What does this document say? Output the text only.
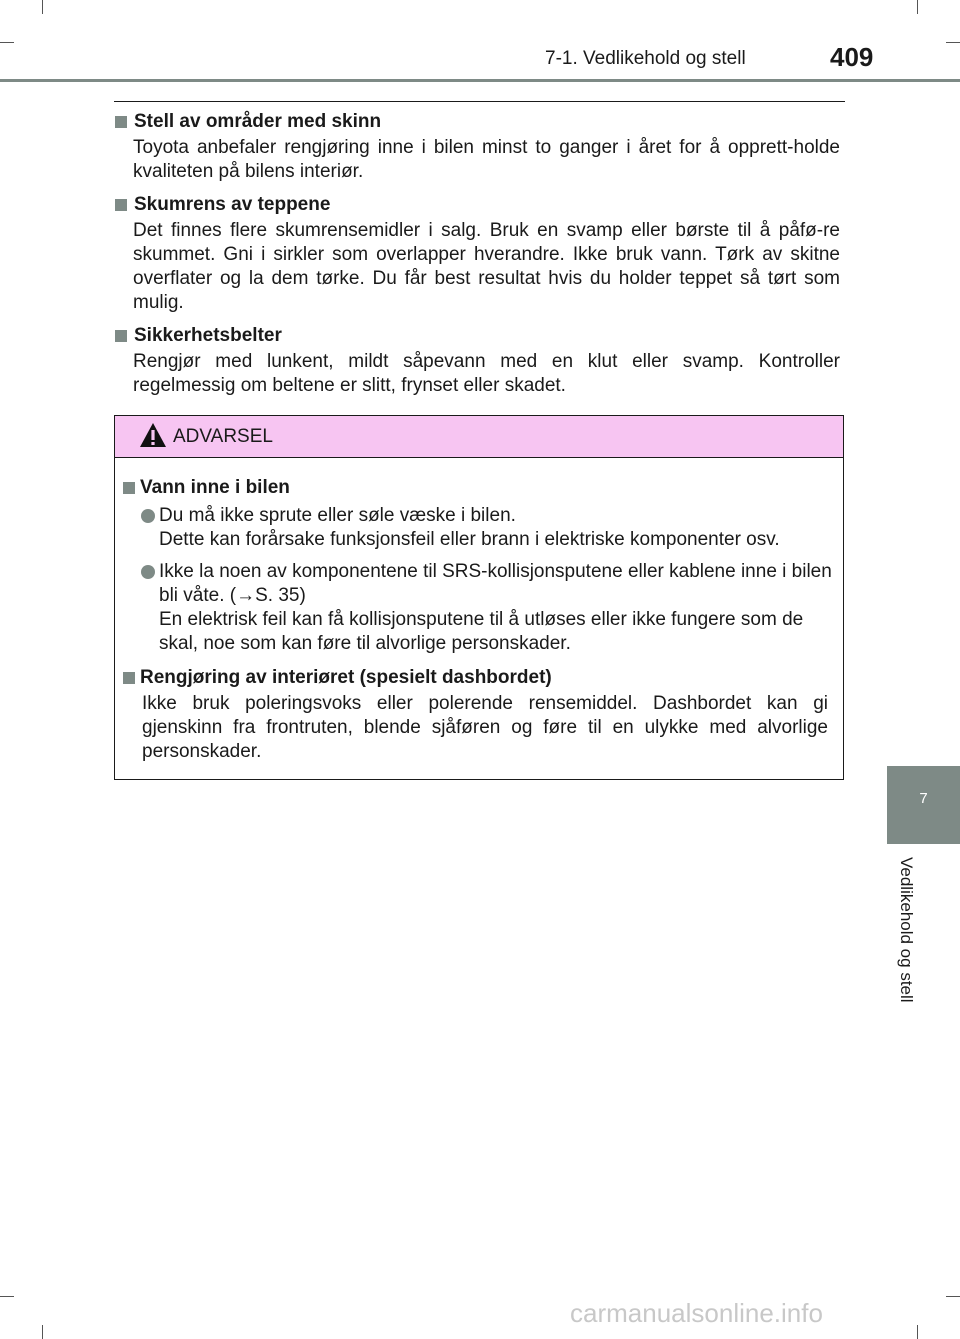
7-1. Vedlikehold og stell	409
7
Vedlikehold og stell
Stell av områder med skinn
Toyota anbefaler rengjøring inne i bilen minst to ganger i året for å opprett-holde kvaliteten på bilens interiør.
Skumrens av teppene
Det finnes flere skumrensemidler i salg. Bruk en svamp eller børste til å påfø-re skummet. Gni i sirkler som overlapper hverandre. Ikke bruk vann. Tørk av skitne overflater og la dem tørke. Du får best resultat hvis du holder teppet så tørt som mulig.
Sikkerhetsbelter
Rengjør med lunkent, mildt såpevann med en klut eller svamp. Kontroller regelmessig om beltene er slitt, frynset eller skadet.
ADVARSEL
Vann inne i bilen
Du må ikke sprute eller søle væske i bilen.
Dette kan forårsake funksjonsfeil eller brann i elektriske komponenter osv.
Ikke la noen av komponentene til SRS-kollisjonsputene eller kablene inne i bilen bli våte. (→S. 35)
En elektrisk feil kan få kollisjonsputene til å utløses eller ikke fungere som de skal, noe som kan føre til alvorlige personskader.
Rengjøring av interiøret (spesielt dashbordet)
Ikke bruk poleringsvoks eller polerende rensemiddel. Dashbordet kan gi gjenskinn fra frontruten, blende sjåføren og føre til en ulykke med alvorlige personskader.
carmanualsonline.info
